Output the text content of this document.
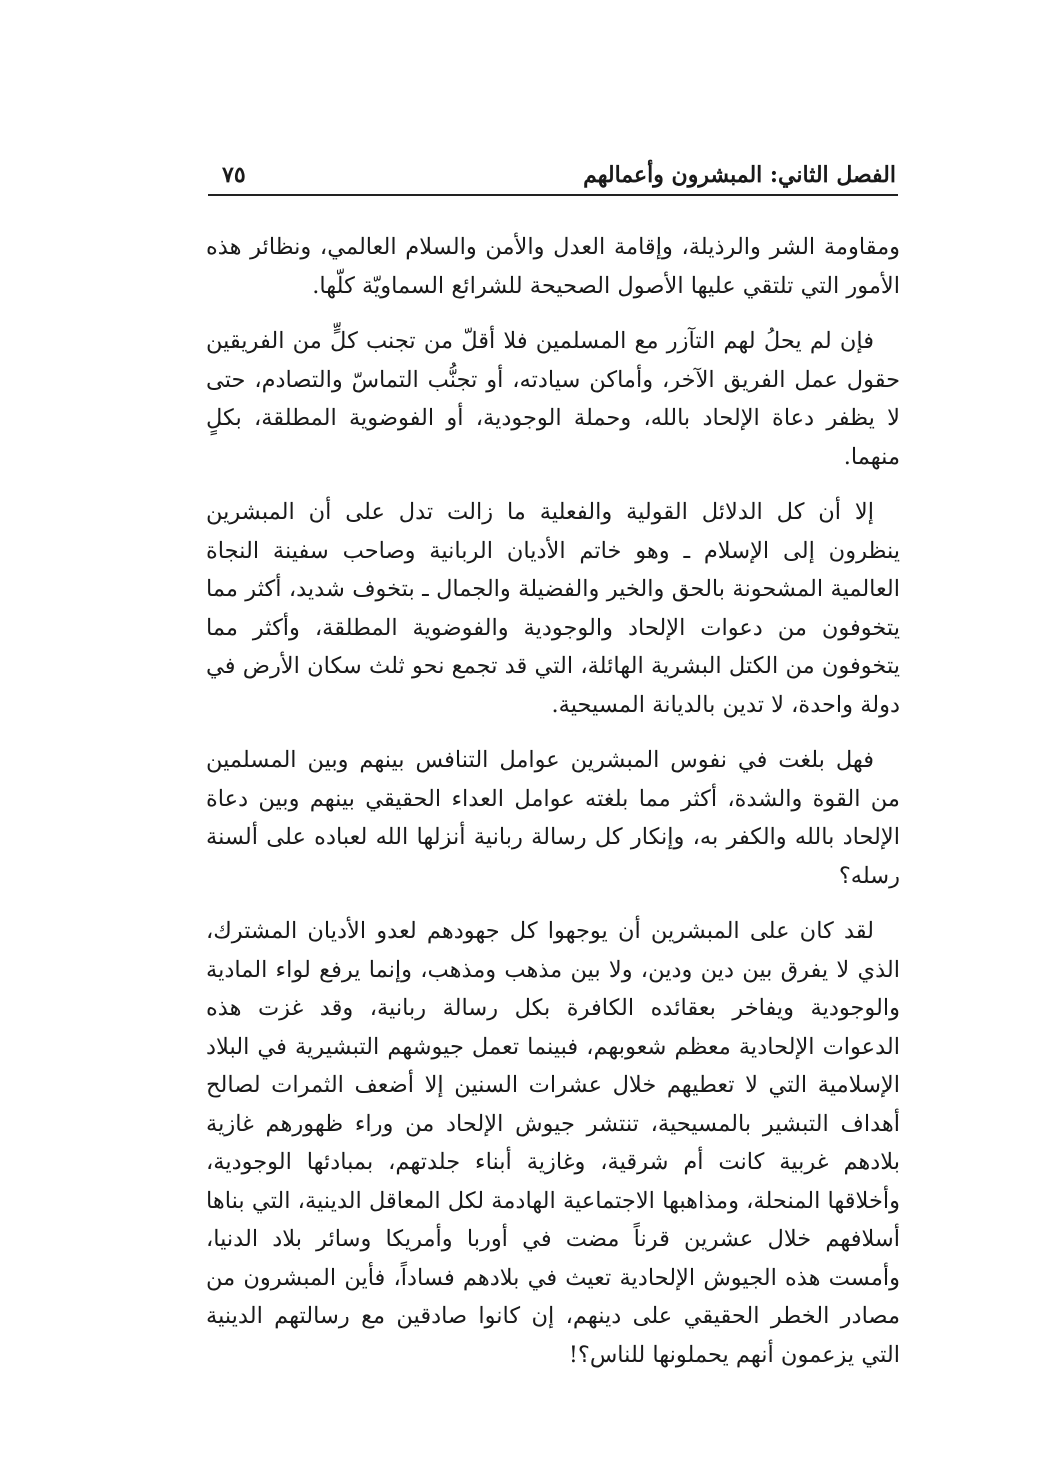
الفصل الثاني: المبشرون وأعمالهم
٧٥

ومقاومة الشر والرذيلة، وإقامة العدل والأمن والسلام العالمي، ونظائر هذه الأمور التي تلتقي عليها الأصول الصحيحة للشرائع السماويّة كلّها.

فإن لم يحلُ لهم التآزر مع المسلمين فلا أقلّ من تجنب كلٍّ من الفريقين حقول عمل الفريق الآخر، وأماكن سيادته، أو تجنُّب التماسّ والتصادم، حتى لا يظفر دعاة الإلحاد بالله، وحملة الوجودية، أو الفوضوية المطلقة، بكلٍ منهما.

إلا أن كل الدلائل القولية والفعلية ما زالت تدل على أن المبشرين ينظرون إلى الإسلام ـ وهو خاتم الأديان الربانية وصاحب سفينة النجاة العالمية المشحونة بالحق والخير والفضيلة والجمال ـ بتخوف شديد، أكثر مما يتخوفون من دعوات الإلحاد والوجودية والفوضوية المطلقة، وأكثر مما يتخوفون من الكتل البشرية الهائلة، التي قد تجمع نحو ثلث سكان الأرض في دولة واحدة، لا تدين بالديانة المسيحية.

فهل بلغت في نفوس المبشرين عوامل التنافس بينهم وبين المسلمين من القوة والشدة، أكثر مما بلغته عوامل العداء الحقيقي بينهم وبين دعاة الإلحاد بالله والكفر به، وإنكار كل رسالة ربانية أنزلها الله لعباده على ألسنة رسله؟

لقد كان على المبشرين أن يوجهوا كل جهودهم لعدو الأديان المشترك، الذي لا يفرق بين دين ودين، ولا بين مذهب ومذهب، وإنما يرفع لواء المادية والوجودية ويفاخر بعقائده الكافرة بكل رسالة ربانية، وقد غزت هذه الدعوات الإلحادية معظم شعوبهم، فبينما تعمل جيوشهم التبشيرية في البلاد الإسلامية التي لا تعطيهم خلال عشرات السنين إلا أضعف الثمرات لصالح أهداف التبشير بالمسيحية، تنتشر جيوش الإلحاد من وراء ظهورهم غازية بلادهم غربية كانت أم شرقية، وغازية أبناء جلدتهم، بمبادئها الوجودية، وأخلاقها المنحلة، ومذاهبها الاجتماعية الهادمة لكل المعاقل الدينية، التي بناها أسلافهم خلال عشرين قرناً مضت في أوربا وأمريكا وسائر بلاد الدنيا، وأمست هذه الجيوش الإلحادية تعيث في بلادهم فساداً، فأين المبشرون من مصادر الخطر الحقيقي على دينهم، إن كانوا صادقين مع رسالتهم الدينية التي يزعمون أنهم يحملونها للناس؟!
